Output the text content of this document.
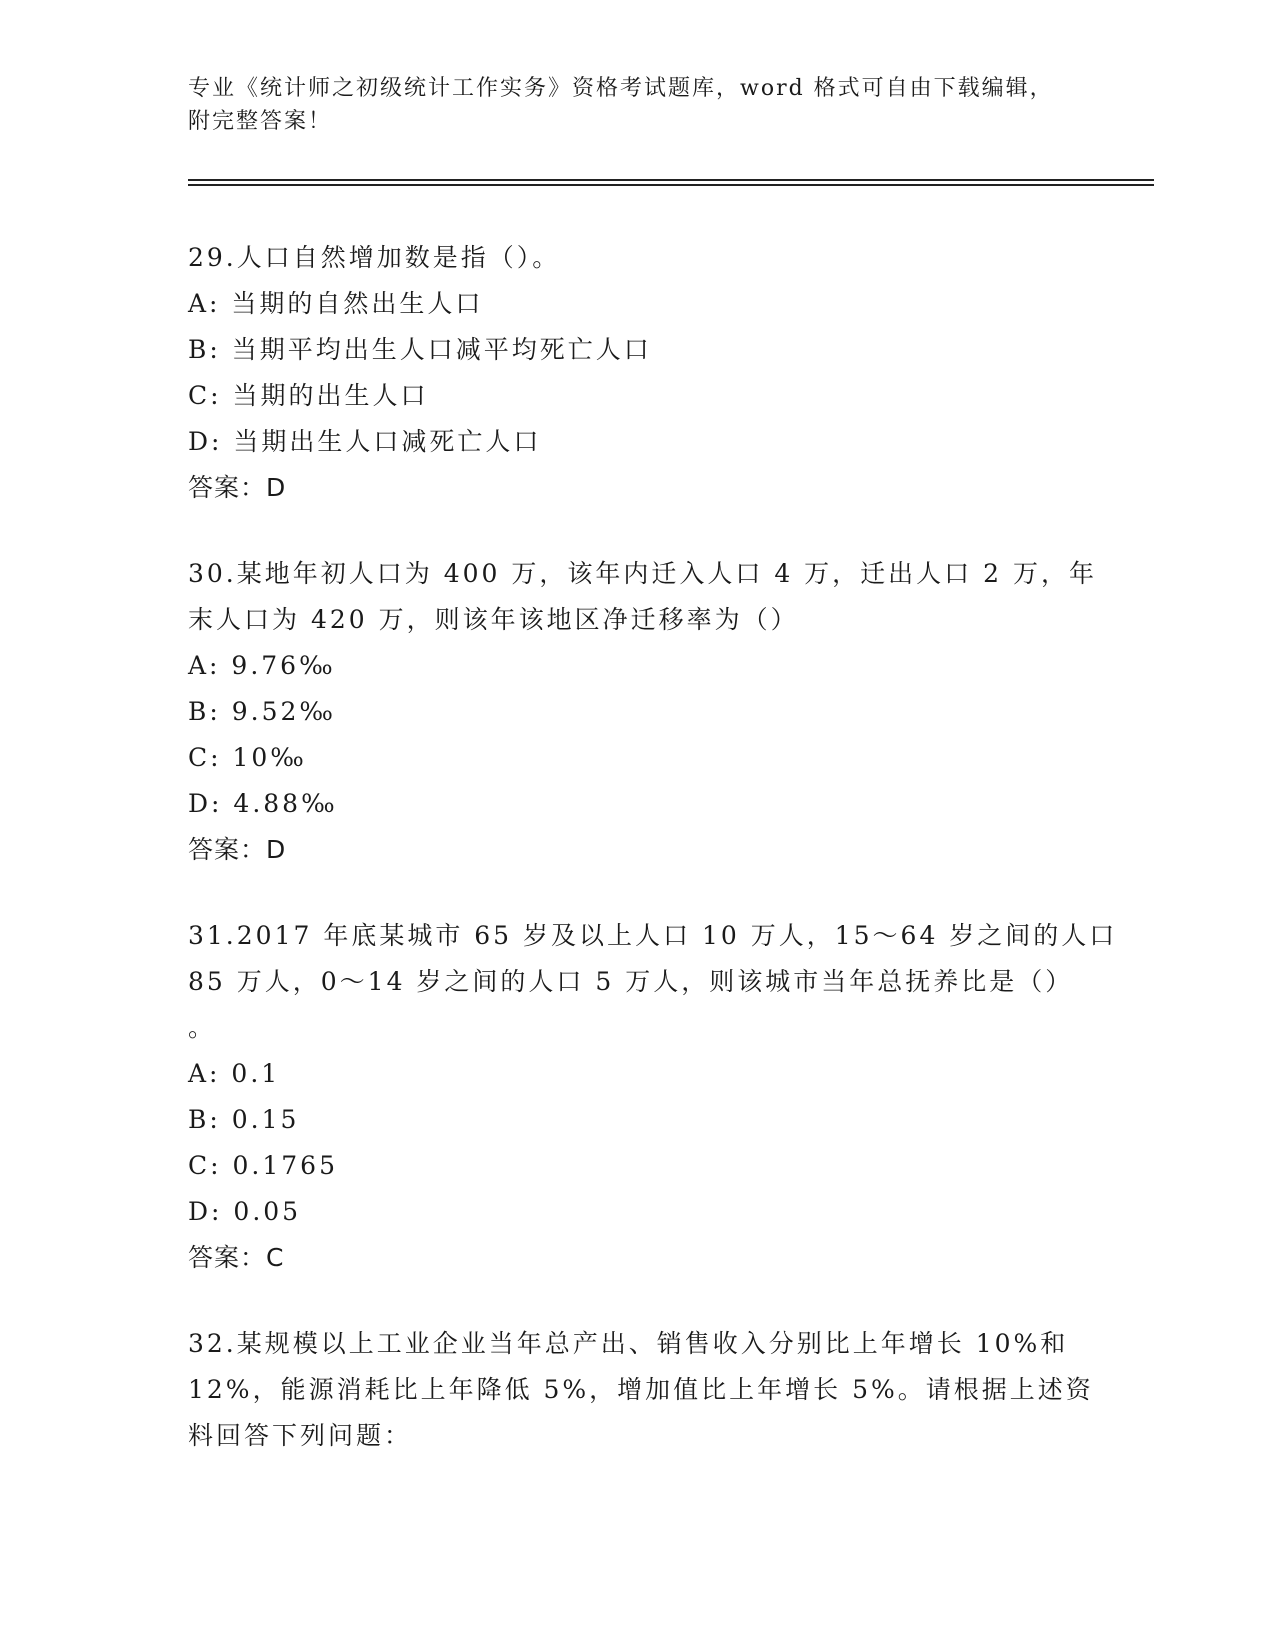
专业《统计师之初级统计工作实务》资格考试题库，word 格式可自由下载编辑，
附完整答案！
29.人口自然增加数是指（）。
A: 当期的自然出生人口
B: 当期平均出生人口减平均死亡人口
C: 当期的出生人口
D: 当期出生人口减死亡人口
答案：D
30.某地年初人口为 400 万，该年内迁入人口 4 万，迁出人口 2 万，年
末人口为 420 万，则该年该地区净迁移率为（）
A: 9.76‰
B: 9.52‰
C: 10‰
D: 4.88‰
答案：D
31.2017 年底某城市 65 岁及以上人口 10 万人，15～64 岁之间的人口
85 万人，0～14 岁之间的人口 5 万人，则该城市当年总抚养比是（）
。
A: 0.1
B: 0.15
C: 0.1765
D: 0.05
答案：C
32.某规模以上工业企业当年总产出、销售收入分别比上年增长 10%和
12%，能源消耗比上年降低 5%，增加值比上年增长 5%。请根据上述资
料回答下列问题：
